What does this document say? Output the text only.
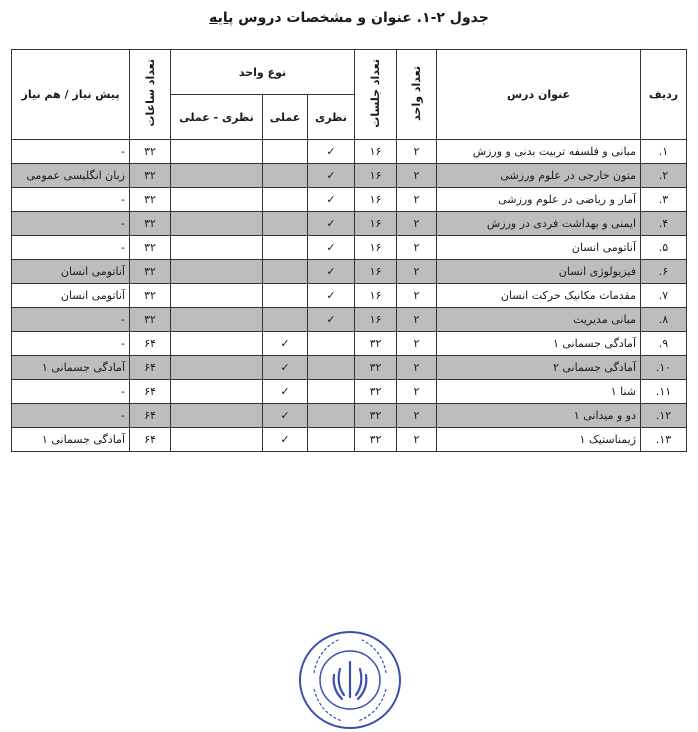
جدول ۲-۱. عنوان و مشخصات دروس پایه
ردیف	عنوان درس	تعداد واحد	تعداد جلسات	نوع واحد			تعداد ساعات	پیش نیاز / هم نیاز
				نظری	عملی	نظری - عملی		
۱.	مبانی و فلسفه تربیت بدنی و ورزش	۲	۱۶	✓			۳۲	-
۲.	متون خارجی در علوم ورزشی	۲	۱۶	✓			۳۲	زبان انگلیسی عمومی
۳.	آمار و ریاضی در علوم ورزشی	۲	۱۶	✓			۳۲	-
۴.	ایمنی و بهداشت فردی در ورزش	۲	۱۶	✓			۳۲	-
۵.	آناتومی انسان	۲	۱۶	✓			۳۲	-
۶.	فیزیولوژی انسان	۲	۱۶	✓			۳۲	آناتومی انسان
۷.	مقدمات مکانیک حرکت انسان	۲	۱۶	✓			۳۲	آناتومی انسان
۸.	مبانی مدیریت	۲	۱۶	✓			۳۲	-
۹.	آمادگی جسمانی ۱	۲	۳۲		✓		۶۴	-
۱۰.	آمادگی جسمانی ۲	۲	۳۲		✓		۶۴	آمادگی جسمانی ۱
۱۱.	شنا ۱	۲	۳۲		✓		۶۴	-
۱۲.	دو و میدانی ۱	۲	۳۲		✓		۶۴	-
۱۳.	ژیمناستیک ۱	۲	۳۲		✓		۶۴	آمادگی جسمانی ۱
